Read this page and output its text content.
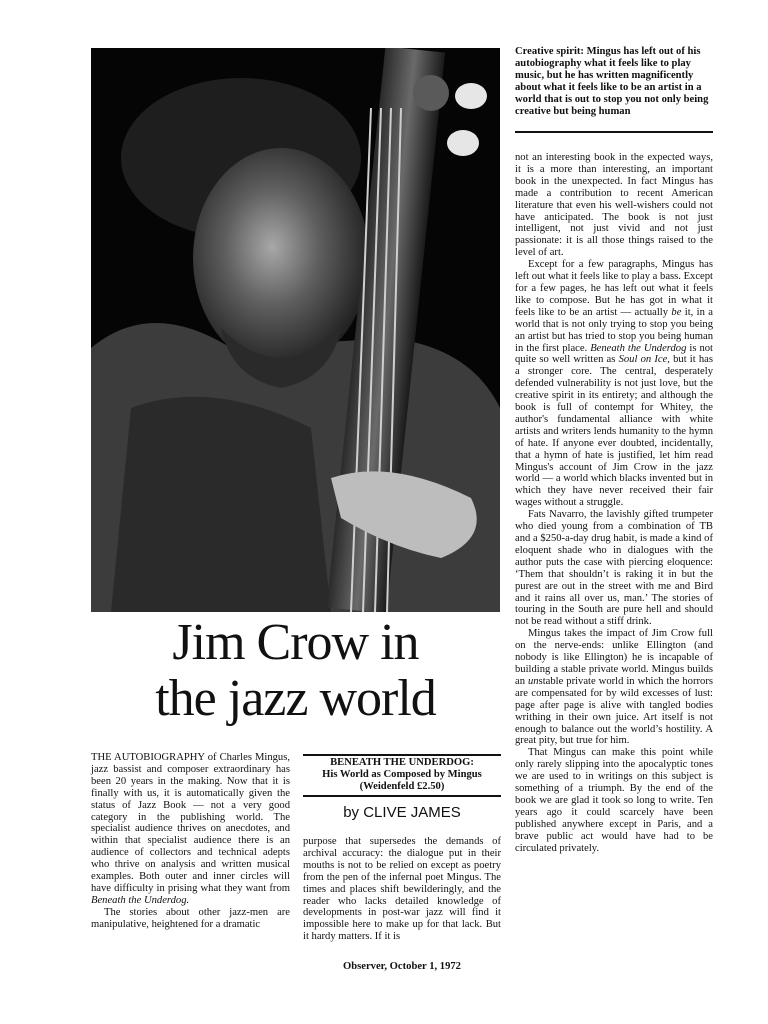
Creative spirit: Mingus has left out of his autobiography what it feels like to play music, but he has written magnificently about what it feels like to be an artist in a world that is out to stop you not only being creative but being human

Jim Crow in
the jazz world

BENEATH THE UNDERDOG:

His World as Composed by Mingus
(Weidenfeld £2.50)

by CLIVE JAMES

THE AUTOBIOGRAPHY of Charles Mingus, jazz bassist and composer extraordinary has been 20 years in the making. Now that it is finally with us, it is automatically given the status of Jazz Book — not a very good category in the publishing world. The specialist audience thrives on anecdotes, and within that specialist audience there is an audience of collectors and technical adepts who thrive on analysis and written musical examples. Both outer and inner circles will have difficulty in prising what they want from Beneath the Underdog.

The stories about other jazz-men are manipulative, heightened for a dramatic

purpose that supersedes the demands of archival accuracy: the dialogue put in their mouths is not to be relied on except as poetry from the pen of the infernal poet Mingus. The times and places shift bewilderingly, and the reader who lacks detailed knowledge of developments in post-war jazz will find it impossible here to make up for that lack. But it hardy matters. If it is

not an interesting book in the expected ways, it is a more than interesting, an important book in the unexpected. In fact Mingus has made a contribution to recent American literature that even his well-wishers could not have anticipated. The book is not just intelligent, not just vivid and not just passionate: it is all those things raised to the level of art.

Except for a few paragraphs, Mingus has left out what it feels like to play a bass. Except for a few pages, he has left out what it feels like to compose. But he has got in what it feels like to be an artist — actually be it, in a world that is not only trying to stop you being an artist but has tried to stop you being human in the first place. Beneath the Underdog is not quite so well written as Soul on Ice, but it has a stronger core. The central, desperately defended vulnerability is not just love, but the creative spirit in its entirety; and although the book is full of contempt for Whitey, the author's fundamental alliance with white artists and writers lends humanity to the hymn of hate. If anyone ever doubted, incidentally, that a hymn of hate is justified, let him read Mingus's account of Jim Crow in the jazz world — a world which blacks invented but in which they have never received their fair wages without a struggle.

Fats Navarro, the lavishly gifted trumpeter who died young from a combination of TB and a $250-a-day drug habit, is made a kind of eloquent shade who in dialogues with the author puts the case with piercing eloquence: ‘Them that shouldn’t is raking it in but the purest are out in the street with me and Bird and it rains all over us, man.’ The stories of touring in the South are pure hell and should not be read without a stiff drink.

Mingus takes the impact of Jim Crow full on the nerve-ends: unlike Ellington (and nobody is like Ellington) he is incapable of building a stable private world. Mingus builds an unstable private world in which the horrors are compensated for by wild excesses of lust: page after page is alive with tangled bodies writhing in their own juice. Art itself is not enough to balance out the world’s hostility. A great pity, but true for him.

That Mingus can make this point while only rarely slipping into the apocalyptic tones we are used to in writings on this subject is something of a triumph. By the end of the book we are glad it took so long to write. Ten years ago it could scarcely have been published anywhere except in Paris, and a brave public act would have had to be circulated privately.

Observer, October 1, 1972
